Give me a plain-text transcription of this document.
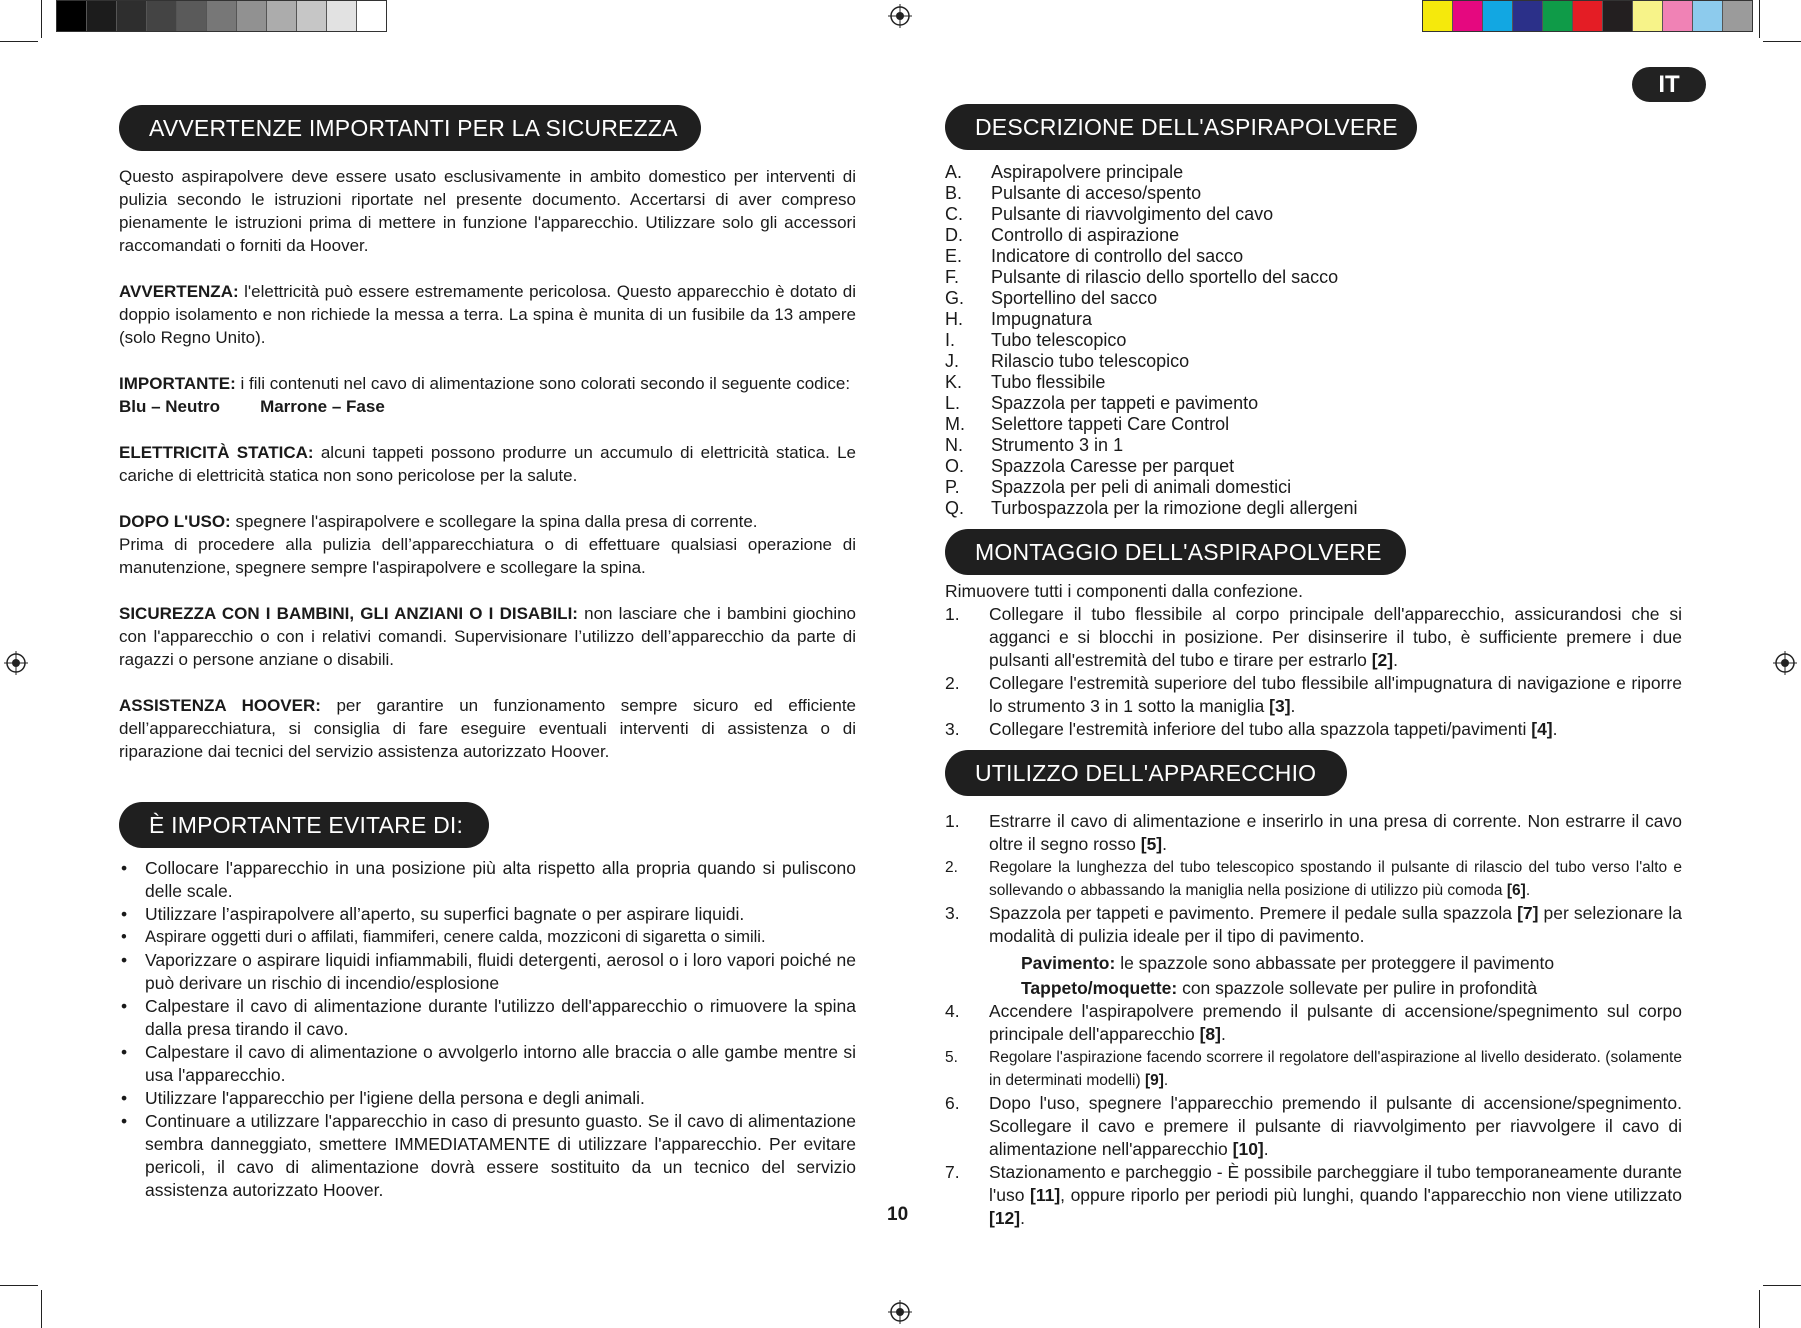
IT
AVVERTENZE IMPORTANTI PER LA SICUREZZA

Questo aspirapolvere deve essere usato esclusivamente in ambito domestico per interventi di pulizia secondo le istruzioni riportate nel presente documento. Accertarsi di aver compreso pienamente le istruzioni prima di mettere in funzione l'apparecchio. Utilizzare solo gli accessori raccomandati o forniti da Hoover.

AVVERTENZA: l'elettricità può essere estremamente pericolosa. Questo apparecchio è dotato di doppio isolamento e non richiede la messa a terra. La spina è munita di un fusibile da 13 ampere (solo Regno Unito).

IMPORTANTE: i fili contenuti nel cavo di alimentazione sono colorati secondo il seguente codice:

Blu – Neutro Marrone – Fase

ELETTRICITÀ STATICA: alcuni tappeti possono produrre un accumulo di elettricità statica. Le cariche di elettricità statica non sono pericolose per la salute.

DOPO L'USO: spegnere l'aspirapolvere e scollegare la spina dalla presa di corrente.

Prima di procedere alla pulizia dell’apparecchiatura o di effettuare qualsiasi operazione di manutenzione, spegnere sempre l'aspirapolvere e scollegare la spina.

SICUREZZA CON I BAMBINI, GLI ANZIANI O I DISABILI: non lasciare che i bambini giochino con l'apparecchio o con i relativi comandi. Supervisionare l’utilizzo dell’apparecchio da parte di ragazzi o persone anziane o disabili.

ASSISTENZA HOOVER: per garantire un funzionamento sempre sicuro ed efficiente dell’apparecchiatura, si consiglia di fare eseguire eventuali interventi di assistenza o di riparazione dai tecnici del servizio assistenza autorizzato Hoover.

È IMPORTANTE EVITARE DI:
• Collocare l'apparecchio in una posizione più alta rispetto alla propria quando si puliscono delle scale.
• Utilizzare l’aspirapolvere all’aperto, su superfici bagnate o per aspirare liquidi.
• Aspirare oggetti duri o affilati, fiammiferi, cenere calda, mozziconi di sigaretta o simili.
• Vaporizzare o aspirare liquidi infiammabili, fluidi detergenti, aerosol o i loro vapori poiché ne può derivare un rischio di incendio/esplosione
• Calpestare il cavo di alimentazione durante l'utilizzo dell'apparecchio o rimuovere la spina dalla presa tirando il cavo.
• Calpestare il cavo di alimentazione o avvolgerlo intorno alle braccia o alle gambe mentre si usa l'apparecchio.
• Utilizzare l'apparecchio per l'igiene della persona e degli animali.
• Continuare a utilizzare l'apparecchio in caso di presunto guasto. Se il cavo di alimentazione sembra danneggiato, smettere IMMEDIATAMENTE di utilizzare l'apparecchio. Per evitare pericoli, il cavo di alimentazione dovrà essere sostituito da un tecnico del servizio assistenza autorizzato Hoover.
DESCRIZIONE DELL'ASPIRAPOLVERE
A.	Aspirapolvere principale
B.	Pulsante di acceso/spento
C.	Pulsante di riavvolgimento del cavo
D.	Controllo di aspirazione
E.	Indicatore di controllo del sacco
F.	Pulsante di rilascio dello sportello del sacco
G.	Sportellino del sacco
H.	Impugnatura
I.	Tubo telescopico
J.	Rilascio tubo telescopico
K.	Tubo flessibile
L.	Spazzola per tappeti e pavimento
M.	Selettore tappeti Care Control
N.	Strumento 3 in 1
O.	Spazzola Caresse per parquet
P.	Spazzola per peli di animali domestici
Q.	Turbospazzola per la rimozione degli allergeni
MONTAGGIO DELL'ASPIRAPOLVERE
Rimuovere tutti i componenti dalla confezione.
1. Collegare il tubo flessibile al corpo principale dell'apparecchio, assicurandosi che si agganci e si blocchi in posizione. Per disinserire il tubo, è sufficiente premere i due pulsanti all'estremità del tubo e tirare per estrarlo [2].
2. Collegare l'estremità superiore del tubo flessibile all'impugnatura di navigazione e riporre lo strumento 3 in 1 sotto la maniglia [3].
3. Collegare l'estremità inferiore del tubo alla spazzola tappeti/pavimenti [4].
UTILIZZO DELL'APPARECCHIO
1. Estrarre il cavo di alimentazione e inserirlo in una presa di corrente. Non estrarre il cavo oltre il segno rosso [5].
2. Regolare la lunghezza del tubo telescopico spostando il pulsante di rilascio del tubo verso l'alto e sollevando o abbassando la maniglia nella posizione di utilizzo più comoda [6].
3. Spazzola per tappeti e pavimento. Premere il pedale sulla spazzola [7] per selezionare la modalità di pulizia ideale per il tipo di pavimento.
Pavimento: le spazzole sono abbassate per proteggere il pavimento
Tappeto/moquette: con spazzole sollevate per pulire in profondità
4. Accendere l'aspirapolvere premendo il pulsante di accensione/spegnimento sul corpo principale dell'apparecchio [8].
5. Regolare l'aspirazione facendo scorrere il regolatore dell'aspirazione al livello desiderato. (solamente in determinati modelli) [9].
6. Dopo l'uso, spegnere l'apparecchio premendo il pulsante di accensione/spegnimento. Scollegare il cavo e premere il pulsante di riavvolgimento per riavvolgere il cavo di alimentazione nell'apparecchio [10].
7. Stazionamento e parcheggio - È possibile parcheggiare il tubo temporaneamente durante l'uso [11], oppure riporlo per periodi più lunghi, quando l'apparecchio non viene utilizzato [12].
10
